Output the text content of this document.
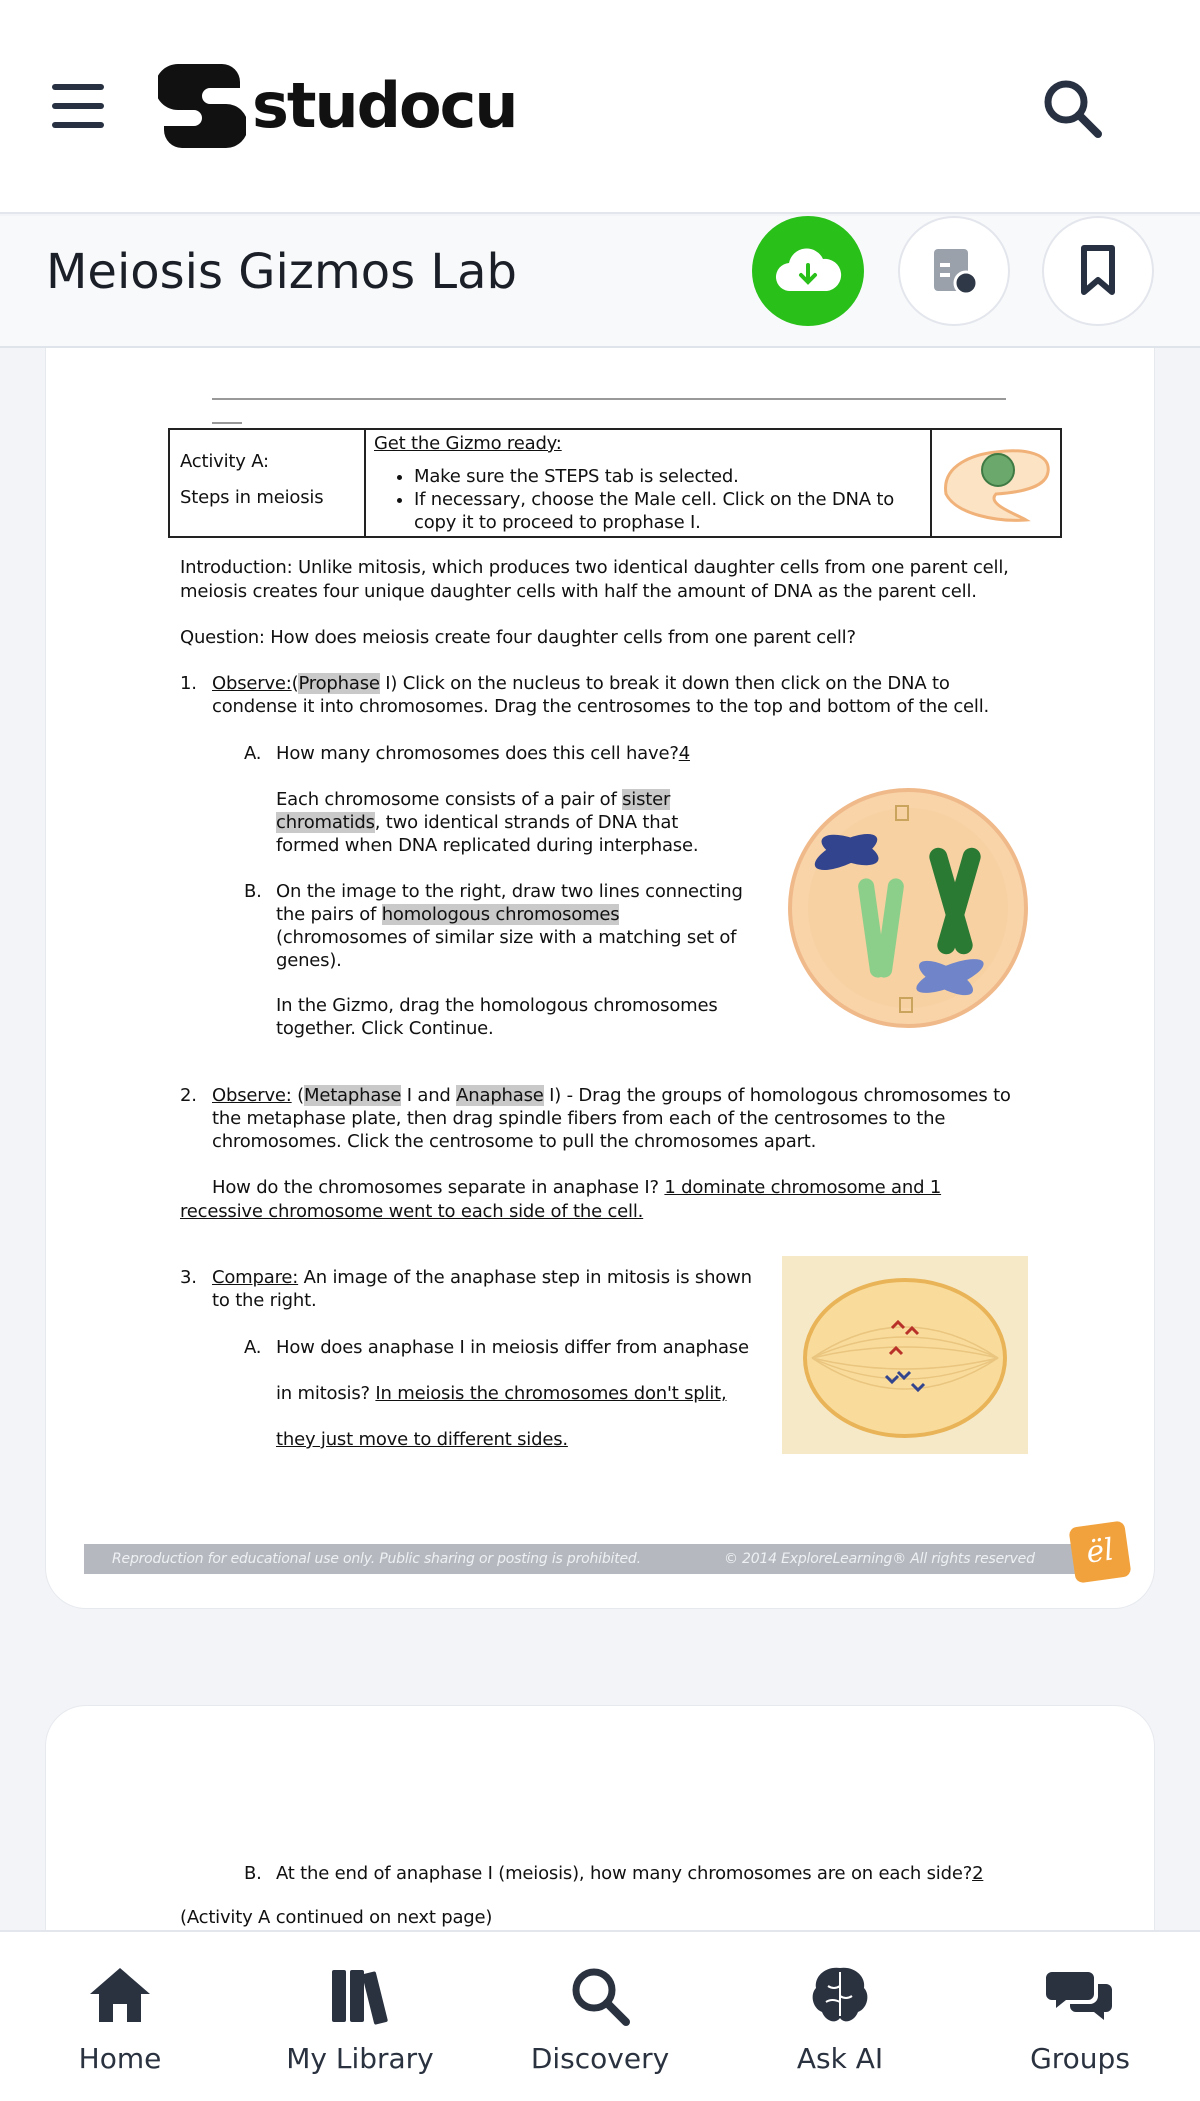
studocu
Activity A:
Steps in meiosis

Get the Gizmo ready:
• Make sure the STEPS tab is selected.
• If necessary, choose the Male cell. Click on the DNA to copy it to proceed to prophase I.

Introduction: Unlike mitosis, which produces two identical daughter cells from one parent cell,
meiosis creates four unique daughter cells with half the amount of DNA as the parent cell.
Question: How does meiosis create four daughter cells from one parent cell?
1. Observe:(Prophase I) Click on the nucleus to break it down then click on the DNA to
condense it into chromosomes. Drag the centrosomes to the top and bottom of the cell.
A. How many chromosomes does this cell have?4
Each chromosome consists of a pair of sister
chromatids, two identical strands of DNA that
formed when DNA replicated during interphase.
B. On the image to the right, draw two lines connecting
the pairs of homologous chromosomes
(chromosomes of similar size with a matching set of
genes).
In the Gizmo, drag the homologous chromosomes
together. Click Continue.
2. Observe: (Metaphase I and Anaphase I) - Drag the groups of homologous chromosomes to
the metaphase plate, then drag spindle fibers from each of the centrosomes to the
chromosomes. Click the centrosome to pull the chromosomes apart.
How do the chromosomes separate in anaphase I? 1 dominate chromosome and 1
recessive chromosome went to each side of the cell.
3. Compare: An image of the anaphase step in mitosis is shown
to the right.
A. How does anaphase I in meiosis differ from anaphase
in mitosis? In meiosis the chromosomes don't split,
they just move to different sides.
Reproduction for educational use only. Public sharing or posting is prohibited.	© 2014 ExploreLearning® All rights reserved	ël
B. At the end of anaphase I (meiosis), how many chromosomes are on each side?2
(Activity A continued on next page)
Meiosis Gizmos Lab
Home	My Library	Discovery	Ask AI	Groups
